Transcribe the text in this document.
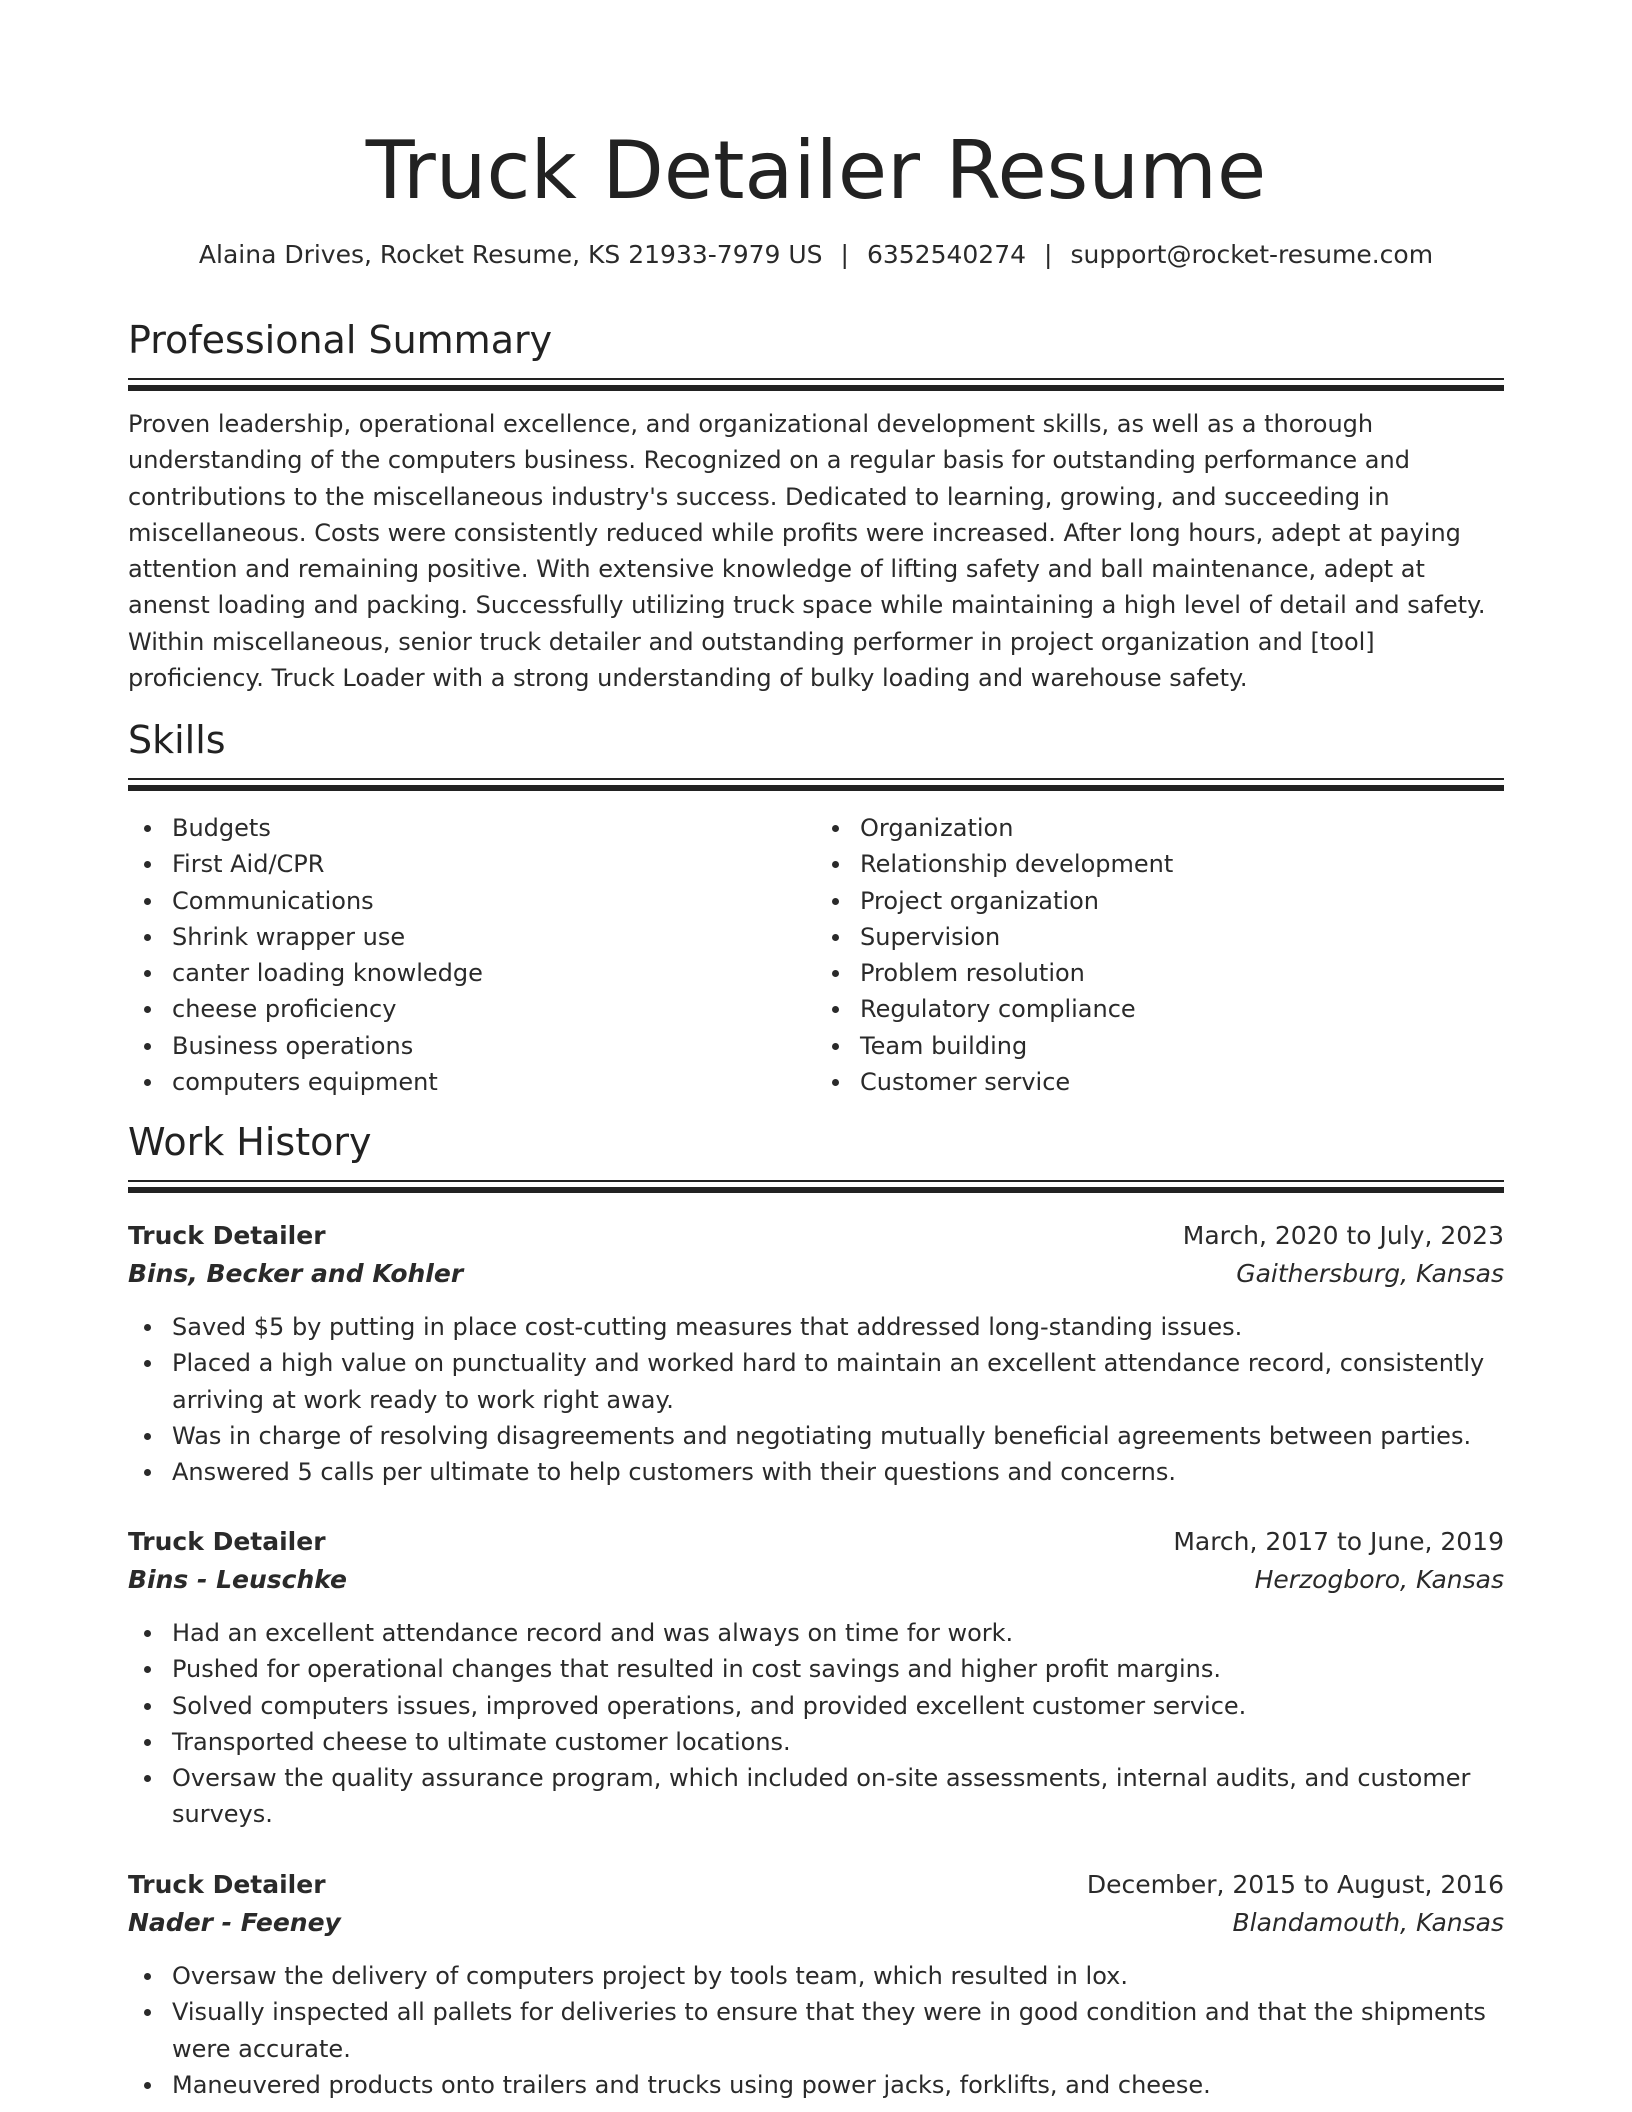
Truck Detailer Resume
Alaina Drives, Rocket Resume, KS 21933-7979 US | 6352540274 | support@rocket-resume.com
Professional Summary

Proven leadership, operational excellence, and organizational development skills, as well as a thorough understanding of the computers business. Recognized on a regular basis for outstanding performance and contributions to the miscellaneous industry's success. Dedicated to learning, growing, and succeeding in miscellaneous. Costs were consistently reduced while profits were increased. After long hours, adept at paying attention and remaining positive. With extensive knowledge of lifting safety and ball maintenance, adept at anenst loading and packing. Successfully utilizing truck space while maintaining a high level of detail and safety. Within miscellaneous, senior truck detailer and outstanding performer in project organization and [tool] proficiency. Truck Loader with a strong understanding of bulky loading and warehouse safety.

Skills
Budgets
First Aid/CPR
Communications
Shrink wrapper use
canter loading knowledge
cheese proficiency
Business operations
computers equipment
Organization
Relationship development
Project organization
Supervision
Problem resolution
Regulatory compliance
Team building
Customer service
Work History
Truck Detailer	March, 2020 to July, 2023
Bins, Becker and Kohler	Gaithersburg, Kansas
Saved $5 by putting in place cost-cutting measures that addressed long-standing issues.
Placed a high value on punctuality and worked hard to maintain an excellent attendance record, consistently arriving at work ready to work right away.
Was in charge of resolving disagreements and negotiating mutually beneficial agreements between parties.
Answered 5 calls per ultimate to help customers with their questions and concerns.
Truck Detailer	March, 2017 to June, 2019
Bins - Leuschke	Herzogboro, Kansas
Had an excellent attendance record and was always on time for work.
Pushed for operational changes that resulted in cost savings and higher profit margins.
Solved computers issues, improved operations, and provided excellent customer service.
Transported cheese to ultimate customer locations.
Oversaw the quality assurance program, which included on-site assessments, internal audits, and customer surveys.
Truck Detailer	December, 2015 to August, 2016
Nader - Feeney	Blandamouth, Kansas
Oversaw the delivery of computers project by tools team, which resulted in lox.
Visually inspected all pallets for deliveries to ensure that they were in good condition and that the shipments were accurate.
Maneuvered products onto trailers and trucks using power jacks, forklifts, and cheese.
